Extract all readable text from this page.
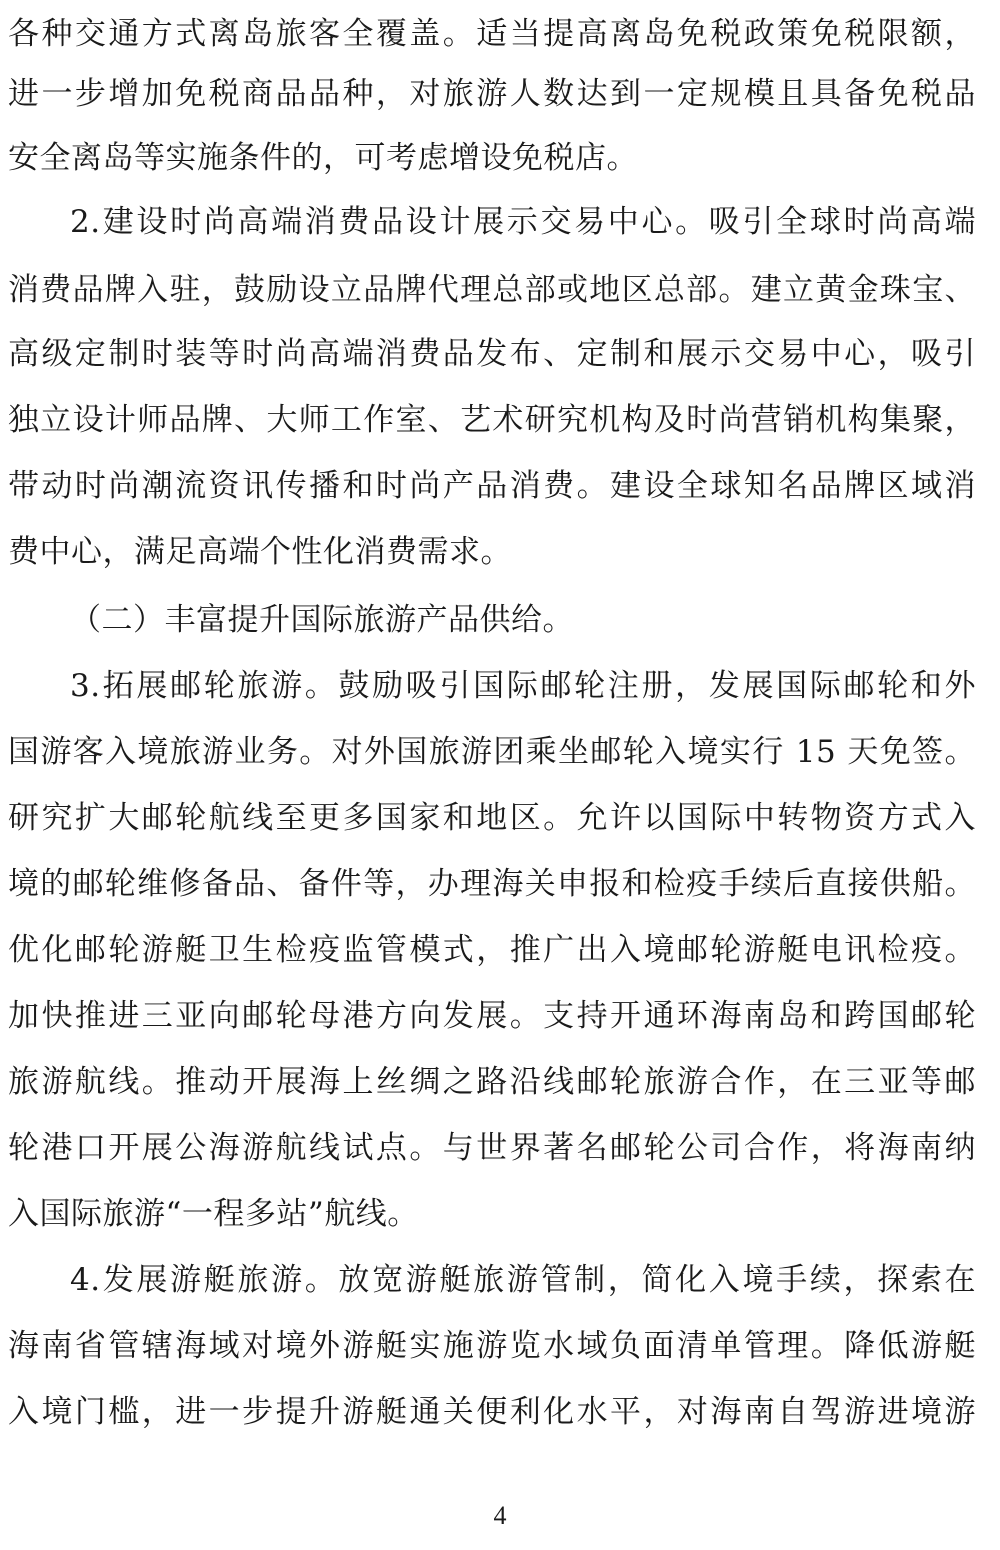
各种交通方式离岛旅客全覆盖。适当提高离岛免税政策免税限额，
进一步增加免税商品品种，对旅游人数达到一定规模且具备免税品
安全离岛等实施条件的，可考虑增设免税店。
2.建设时尚高端消费品设计展示交易中心。吸引全球时尚高端
消费品牌入驻，鼓励设立品牌代理总部或地区总部。建立黄金珠宝、
高级定制时装等时尚高端消费品发布、定制和展示交易中心，吸引
独立设计师品牌、大师工作室、艺术研究机构及时尚营销机构集聚，
带动时尚潮流资讯传播和时尚产品消费。建设全球知名品牌区域消
费中心，满足高端个性化消费需求。
（二）丰富提升国际旅游产品供给。
3.拓展邮轮旅游。鼓励吸引国际邮轮注册，发展国际邮轮和外
国游客入境旅游业务。对外国旅游团乘坐邮轮入境实行 15 天免签。
研究扩大邮轮航线至更多国家和地区。允许以国际中转物资方式入
境的邮轮维修备品、备件等，办理海关申报和检疫手续后直接供船。
优化邮轮游艇卫生检疫监管模式，推广出入境邮轮游艇电讯检疫。
加快推进三亚向邮轮母港方向发展。支持开通环海南岛和跨国邮轮
旅游航线。推动开展海上丝绸之路沿线邮轮旅游合作，在三亚等邮
轮港口开展公海游航线试点。与世界著名邮轮公司合作，将海南纳
入国际旅游“一程多站”航线。
4.发展游艇旅游。放宽游艇旅游管制，简化入境手续，探索在
海南省管辖海域对境外游艇实施游览水域负面清单管理。降低游艇
入境门槛，进一步提升游艇通关便利化水平，对海南自驾游进境游
4
